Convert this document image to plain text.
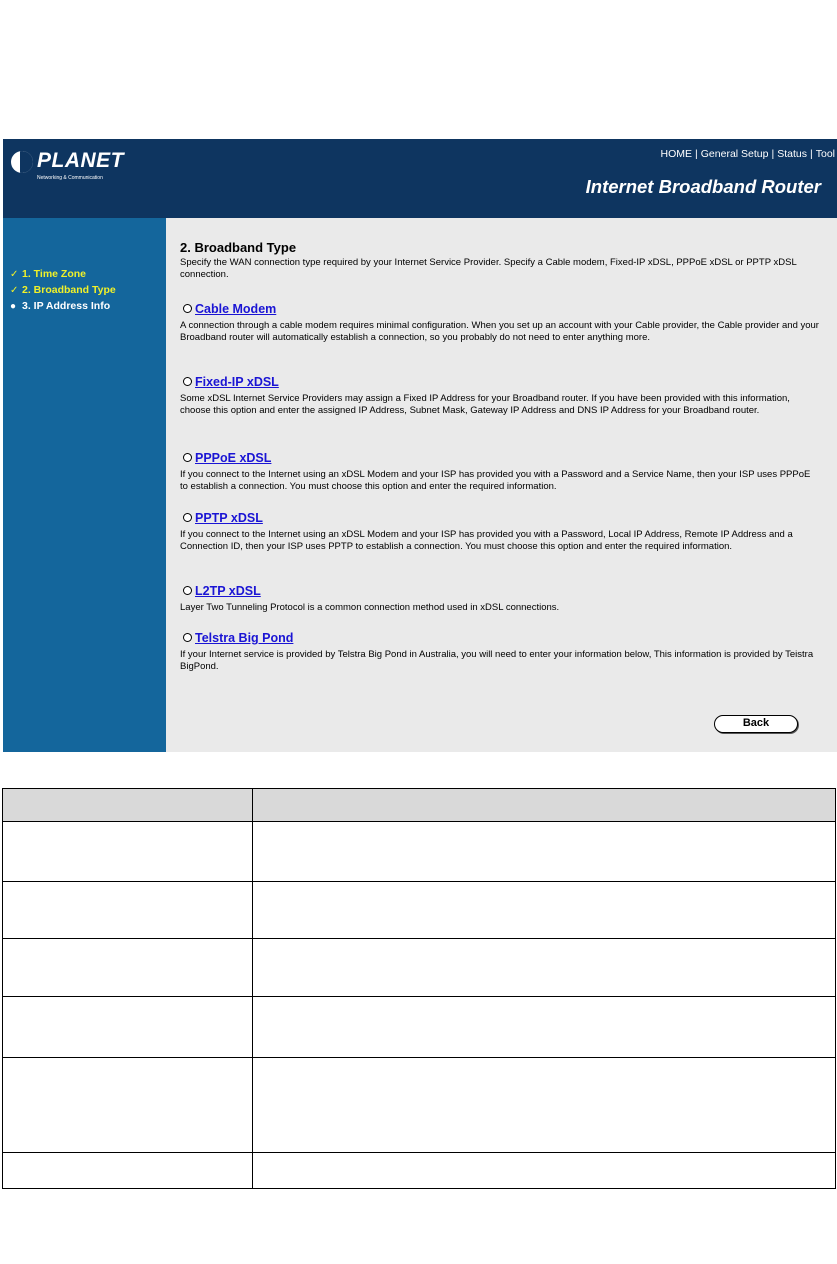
PLANET
Networking & Communication
HOME | General Setup | Status | Tool
Internet Broadband Router
✓ 1. Time Zone
✓ 2. Broadband Type
● 3. IP Address Info
2. Broadband Type
Specify the WAN connection type required by your Internet Service Provider. Specify a Cable modem, Fixed-IP xDSL, PPPoE xDSL or PPTP xDSL connection.
Cable Modem
A connection through a cable modem requires minimal configuration. When you set up an account with your Cable provider, the Cable provider and your Broadband router will automatically establish a connection, so you probably do not need to enter anything more.
Fixed-IP xDSL
Some xDSL Internet Service Providers may assign a Fixed IP Address for your Broadband router. If you have been provided with this information, choose this option and enter the assigned IP Address, Subnet Mask, Gateway IP Address and DNS IP Address for your Broadband router.
PPPoE xDSL
If you connect to the Internet using an xDSL Modem and your ISP has provided you with a Password and a Service Name, then your ISP uses PPPoE to establish a connection. You must choose this option and enter the required information.
PPTP xDSL
If you connect to the Internet using an xDSL Modem and your ISP has provided you with a Password, Local IP Address, Remote IP Address and a Connection ID, then your ISP uses PPTP to establish a connection. You must choose this option and enter the required information.
L2TP xDSL
Layer Two Tunneling Protocol is a common connection method used in xDSL connections.
Telstra Big Pond
If your Internet service is provided by Telstra Big Pond in Australia, you will need to enter your information below, This information is provided by Teistra BigPond.
Back
